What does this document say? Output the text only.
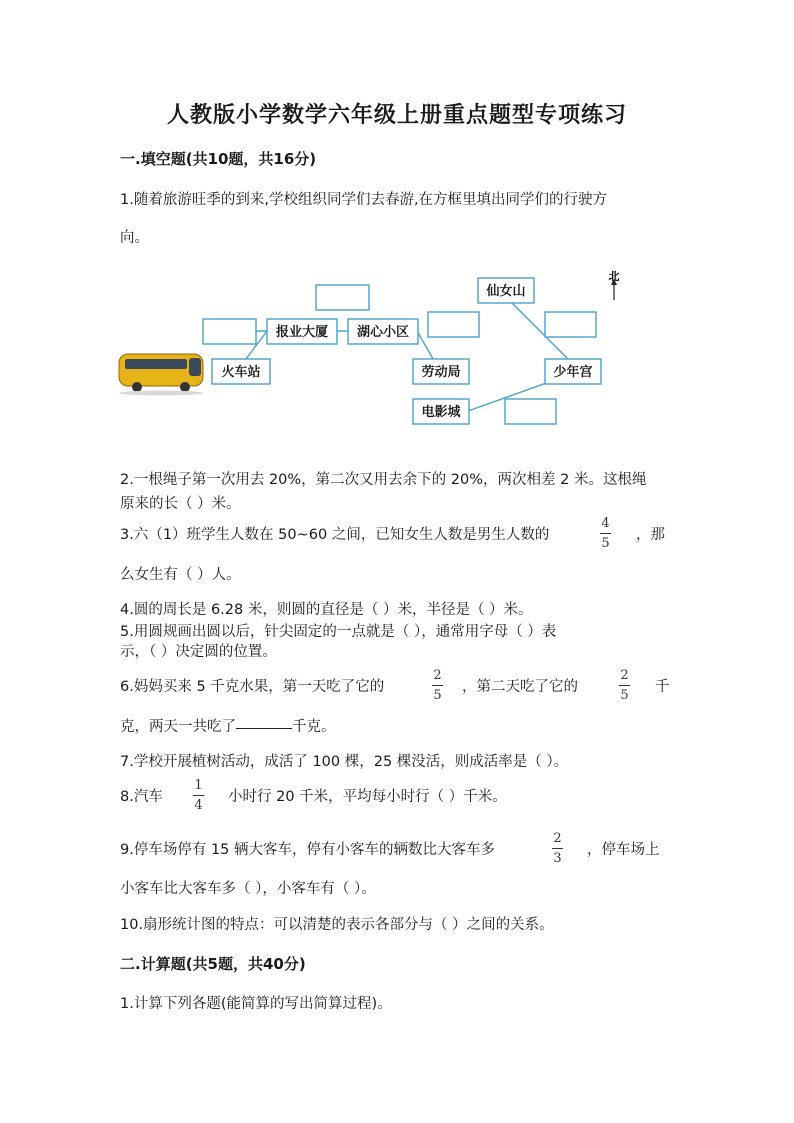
人教版小学数学六年级上册重点题型专项练习
一.填空题(共10题，共16分)
1.随着旅游旺季的到来,学校组织同学们去春游,在方框里填出同学们的行驶方
向。
火车站
报业大厦 湖心小区
劳动局
电影城
少年宫
仙女山
北
2.一根绳子第一次用去 20%，第二次又用去余下的 20%，两次相差 2 米。这根绳
原来的长（ ）米。
3.六（1）班学生人数在 50~60 之间，已知女生人数是男生人数的
4
5
，那
么女生有（ ）人。
4.圆的周长是 6.28 米，则圆的直径是（ ）米，半径是（ ）米。
5.用圆规画出圆以后，针尖固定的一点就是（ ），通常用字母（ ）表
示，（ ）决定圆的位置。
6.妈妈买来 5 千克水果，第一天吃了它的
2
5
，第二天吃了它的
2
5
千
克，两天一共吃了	千克。
7.学校开展植树活动，成活了 100 棵，25 棵没活，则成活率是（ ）。
8.汽车
1
4
小时行 20 千米，平均每小时行（ ）千米。
9.停车场停有 15 辆大客车，停有小客车的辆数比大客车多
2
3
，停车场上
小客车比大客车多（ ），小客车有（ ）。
10.扇形统计图的特点：可以清楚的表示各部分与（ ）之间的关系。
二.计算题(共5题，共40分)
1.计算下列各题(能简算的写出简算过程)。
